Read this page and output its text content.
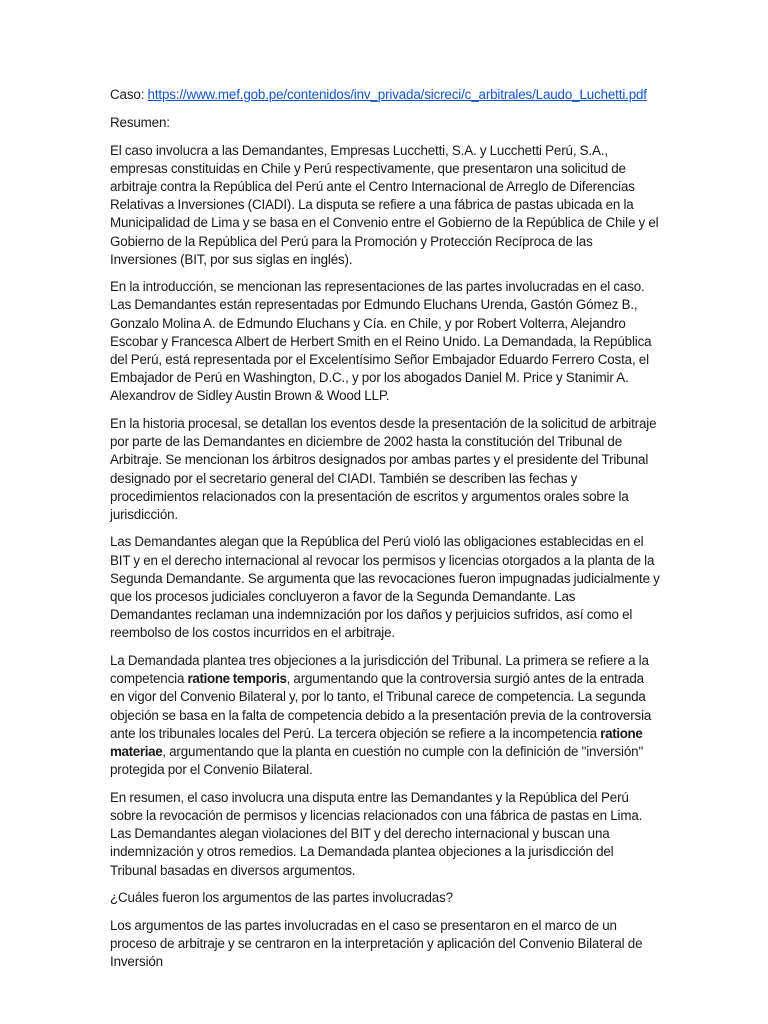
Caso: https://www.mef.gob.pe/contenidos/inv_privada/sicreci/c_arbitrales/Laudo_Luchetti.pdf

Resumen:

El caso involucra a las Demandantes, Empresas Lucchetti, S.A. y Lucchetti Perú, S.A., empresas constituidas en Chile y Perú respectivamente, que presentaron una solicitud de arbitraje contra la República del Perú ante el Centro Internacional de Arreglo de Diferencias Relativas a Inversiones (CIADI). La disputa se refiere a una fábrica de pastas ubicada en la Municipalidad de Lima y se basa en el Convenio entre el Gobierno de la República de Chile y el Gobierno de la República del Perú para la Promoción y Protección Recíproca de las Inversiones (BIT, por sus siglas en inglés).

En la introducción, se mencionan las representaciones de las partes involucradas en el caso. Las Demandantes están representadas por Edmundo Eluchans Urenda, Gastón Gómez B., Gonzalo Molina A. de Edmundo Eluchans y Cía. en Chile, y por Robert Volterra, Alejandro Escobar y Francesca Albert de Herbert Smith en el Reino Unido. La Demandada, la República del Perú, está representada por el Excelentísimo Señor Embajador Eduardo Ferrero Costa, el Embajador de Perú en Washington, D.C., y por los abogados Daniel M. Price y Stanimir A. Alexandrov de Sidley Austin Brown & Wood LLP.

En la historia procesal, se detallan los eventos desde la presentación de la solicitud de arbitraje por parte de las Demandantes en diciembre de 2002 hasta la constitución del Tribunal de Arbitraje. Se mencionan los árbitros designados por ambas partes y el presidente del Tribunal designado por el secretario general del CIADI. También se describen las fechas y procedimientos relacionados con la presentación de escritos y argumentos orales sobre la jurisdicción.

Las Demandantes alegan que la República del Perú violó las obligaciones establecidas en el BIT y en el derecho internacional al revocar los permisos y licencias otorgados a la planta de la Segunda Demandante. Se argumenta que las revocaciones fueron impugnadas judicialmente y que los procesos judiciales concluyeron a favor de la Segunda Demandante. Las Demandantes reclaman una indemnización por los daños y perjuicios sufridos, así como el reembolso de los costos incurridos en el arbitraje.

La Demandada plantea tres objeciones a la jurisdicción del Tribunal. La primera se refiere a la competencia ratione temporis, argumentando que la controversia surgió antes de la entrada en vigor del Convenio Bilateral y, por lo tanto, el Tribunal carece de competencia. La segunda objeción se basa en la falta de competencia debido a la presentación previa de la controversia ante los tribunales locales del Perú. La tercera objeción se refiere a la incompetencia ratione materiae, argumentando que la planta en cuestión no cumple con la definición de "inversión" protegida por el Convenio Bilateral.

En resumen, el caso involucra una disputa entre las Demandantes y la República del Perú sobre la revocación de permisos y licencias relacionados con una fábrica de pastas en Lima. Las Demandantes alegan violaciones del BIT y del derecho internacional y buscan una indemnización y otros remedios. La Demandada plantea objeciones a la jurisdicción del Tribunal basadas en diversos argumentos.

¿Cuáles fueron los argumentos de las partes involucradas?

Los argumentos de las partes involucradas en el caso se presentaron en el marco de un proceso de arbitraje y se centraron en la interpretación y aplicación del Convenio Bilateral de Inversión
